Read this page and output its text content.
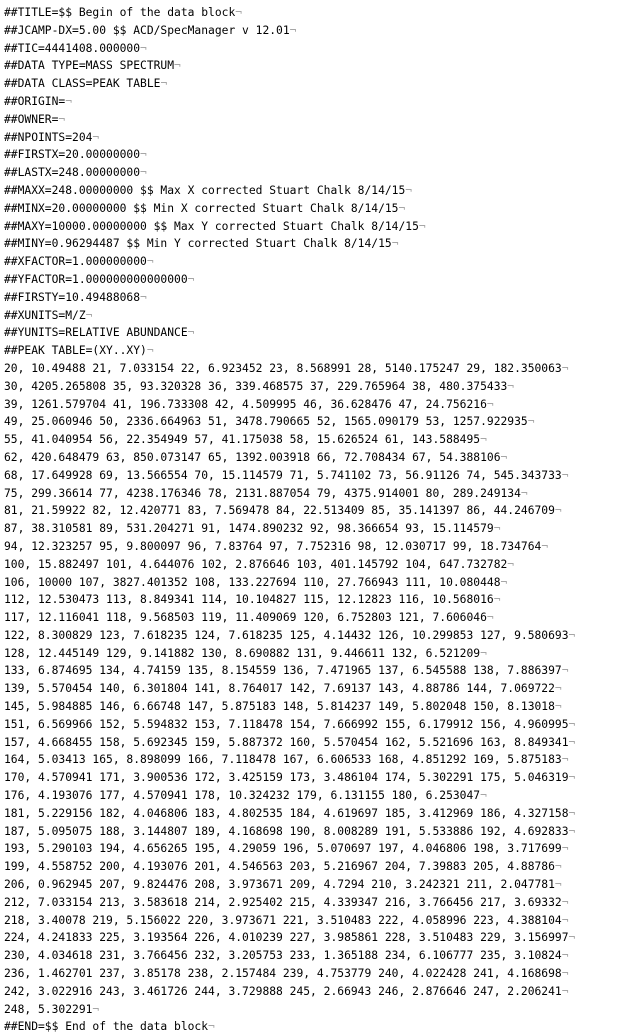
##TITLE=$$ Begin of the data block¬
##JCAMP-DX=5.00 $$ ACD/SpecManager v 12.01¬
##TIC=4441408.000000¬
##DATA TYPE=MASS SPECTRUM¬
##DATA CLASS=PEAK TABLE¬
##ORIGIN=¬
##OWNER=¬
##NPOINTS=204¬
##FIRSTX=20.00000000¬
##LASTX=248.00000000¬
##MAXX=248.00000000 $$ Max X corrected Stuart Chalk 8/14/15¬
##MINX=20.00000000 $$ Min X corrected Stuart Chalk 8/14/15¬
##MAXY=10000.00000000 $$ Max Y corrected Stuart Chalk 8/14/15¬
##MINY=0.96294487 $$ Min Y corrected Stuart Chalk 8/14/15¬
##XFACTOR=1.000000000¬
##YFACTOR=1.000000000000000¬
##FIRSTY=10.49488068¬
##XUNITS=M/Z¬
##YUNITS=RELATIVE ABUNDANCE¬
##PEAK TABLE=(XY..XY)¬
20, 10.49488 21, 7.033154 22, 6.923452 23, 8.568991 28, 5140.175247 29, 182.350063¬
30, 4205.265808 35, 93.320328 36, 339.468575 37, 229.765964 38, 480.375433¬
39, 1261.579704 41, 196.733308 42, 4.509995 46, 36.628476 47, 24.756216¬
49, 25.060946 50, 2336.664963 51, 3478.790665 52, 1565.090179 53, 1257.922935¬
55, 41.040954 56, 22.354949 57, 41.175038 58, 15.626524 61, 143.588495¬
62, 420.648479 63, 850.073147 65, 1392.003918 66, 72.708434 67, 54.388106¬
68, 17.649928 69, 13.566554 70, 15.114579 71, 5.741102 73, 56.91126 74, 545.343733¬
75, 299.36614 77, 4238.176346 78, 2131.887054 79, 4375.914001 80, 289.249134¬
81, 21.59922 82, 12.420771 83, 7.569478 84, 22.513409 85, 35.141397 86, 44.246709¬
87, 38.310581 89, 531.204271 91, 1474.890232 92, 98.366654 93, 15.114579¬
94, 12.323257 95, 9.800097 96, 7.83764 97, 7.752316 98, 12.030717 99, 18.734764¬
100, 15.882497 101, 4.644076 102, 2.876646 103, 401.145792 104, 647.732782¬
106, 10000 107, 3827.401352 108, 133.227694 110, 27.766943 111, 10.080448¬
112, 12.530473 113, 8.849341 114, 10.104827 115, 12.12823 116, 10.568016¬
117, 12.116041 118, 9.568503 119, 11.409069 120, 6.752803 121, 7.606046¬
122, 8.300829 123, 7.618235 124, 7.618235 125, 4.14432 126, 10.299853 127, 9.580693¬
128, 12.445149 129, 9.141882 130, 8.690882 131, 9.446611 132, 6.521209¬
133, 6.874695 134, 4.74159 135, 8.154559 136, 7.471965 137, 6.545588 138, 7.886397¬
139, 5.570454 140, 6.301804 141, 8.764017 142, 7.69137 143, 4.88786 144, 7.069722¬
145, 5.984885 146, 6.66748 147, 5.875183 148, 5.814237 149, 5.802048 150, 8.13018¬
151, 6.569966 152, 5.594832 153, 7.118478 154, 7.666992 155, 6.179912 156, 4.960995¬
157, 4.668455 158, 5.692345 159, 5.887372 160, 5.570454 162, 5.521696 163, 8.849341¬
164, 5.03413 165, 8.898099 166, 7.118478 167, 6.606533 168, 4.851292 169, 5.875183¬
170, 4.570941 171, 3.900536 172, 3.425159 173, 3.486104 174, 5.302291 175, 5.046319¬
176, 4.193076 177, 4.570941 178, 10.324232 179, 6.131155 180, 6.253047¬
181, 5.229156 182, 4.046806 183, 4.802535 184, 4.619697 185, 3.412969 186, 4.327158¬
187, 5.095075 188, 3.144807 189, 4.168698 190, 8.008289 191, 5.533886 192, 4.692833¬
193, 5.290103 194, 4.656265 195, 4.29059 196, 5.070697 197, 4.046806 198, 3.717699¬
199, 4.558752 200, 4.193076 201, 4.546563 203, 5.216967 204, 7.39883 205, 4.88786¬
206, 0.962945 207, 9.824476 208, 3.973671 209, 4.7294 210, 3.242321 211, 2.047781¬
212, 7.033154 213, 3.583618 214, 2.925402 215, 4.339347 216, 3.766456 217, 3.69332¬
218, 3.40078 219, 5.156022 220, 3.973671 221, 3.510483 222, 4.058996 223, 4.388104¬
224, 4.241833 225, 3.193564 226, 4.010239 227, 3.985861 228, 3.510483 229, 3.156997¬
230, 4.034618 231, 3.766456 232, 3.205753 233, 1.365188 234, 6.106777 235, 3.10824¬
236, 1.462701 237, 3.85178 238, 2.157484 239, 4.753779 240, 4.022428 241, 4.168698¬
242, 3.022916 243, 3.461726 244, 3.729888 245, 2.66943 246, 2.876646 247, 2.206241¬
248, 5.302291¬
##END=$$ End of the data block¬
